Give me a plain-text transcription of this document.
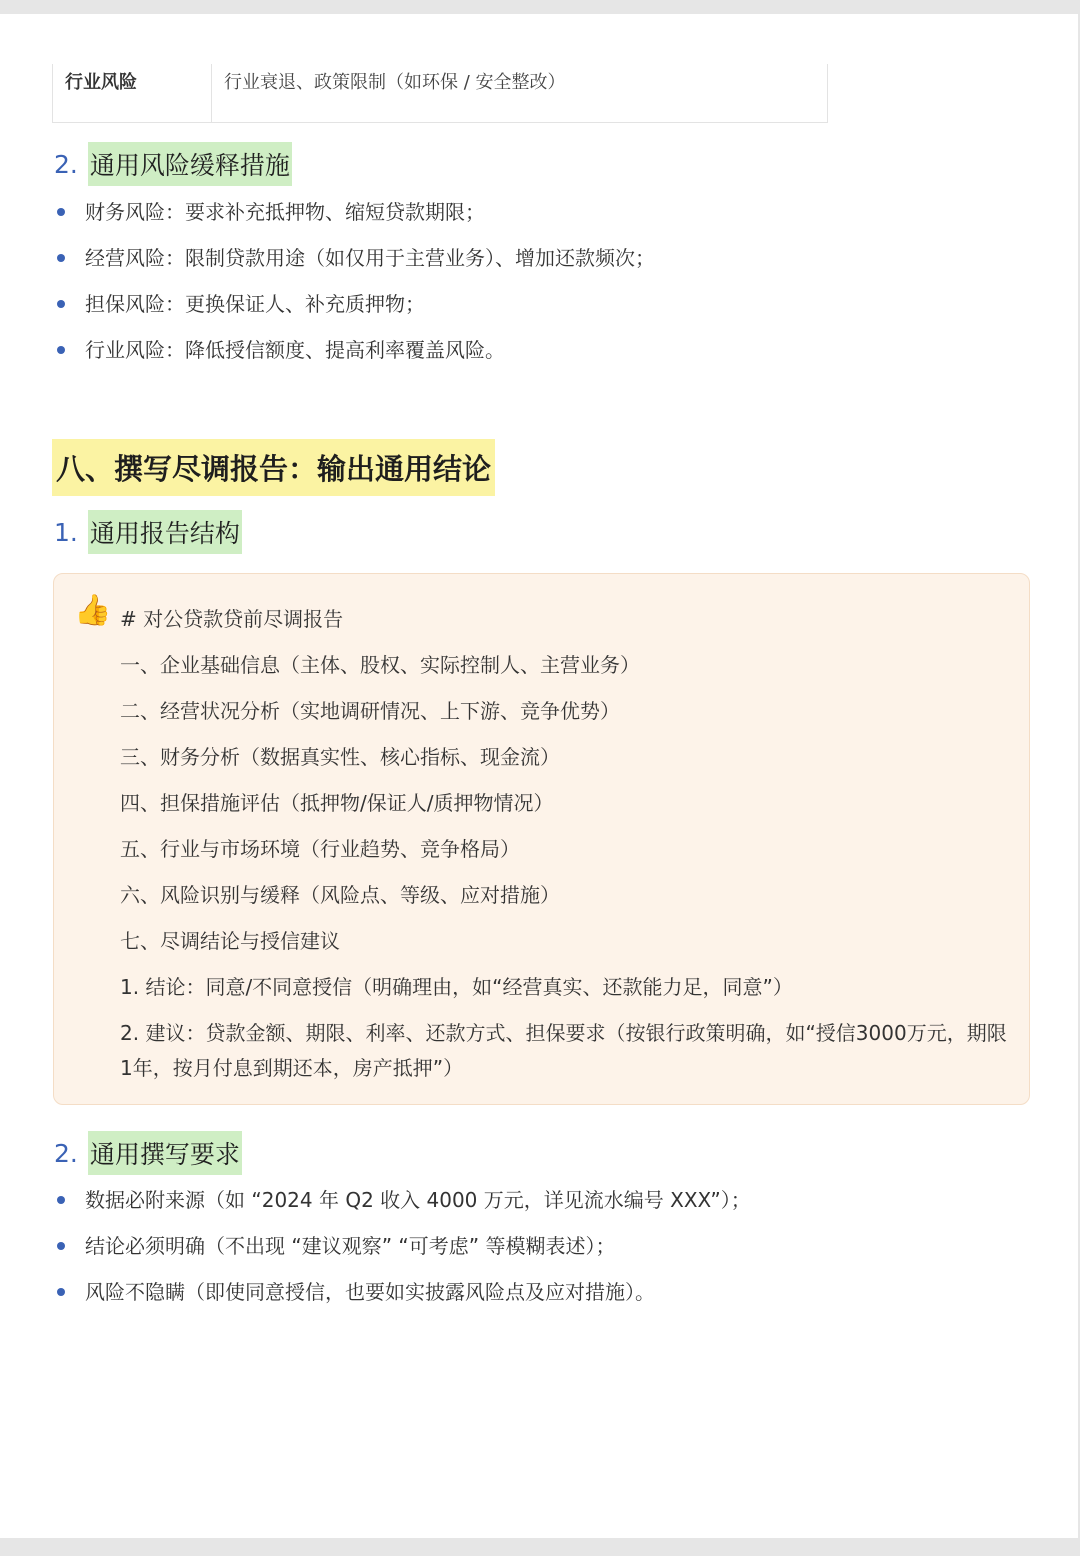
行业风险	行业衰退、政策限制（如环保 / 安全整改）
2. 通用风险缓释措施
财务风险：要求补充抵押物、缩短贷款期限；
经营风险：限制贷款用途（如仅用于主营业务）、增加还款频次；
担保风险：更换保证人、补充质押物；
行业风险：降低授信额度、提高利率覆盖风险。
八、撰写尽调报告：输出通用结论
1. 通用报告结构
👍 # 对公贷款贷前尽调报告
一、企业基础信息（主体、股权、实际控制人、主营业务）
二、经营状况分析（实地调研情况、上下游、竞争优势）
三、财务分析（数据真实性、核心指标、现金流）
四、担保措施评估（抵押物/保证人/质押物情况）
五、行业与市场环境（行业趋势、竞争格局）
六、风险识别与缓释（风险点、等级、应对措施）
七、尽调结论与授信建议
1. 结论：同意/不同意授信（明确理由，如“经营真实、还款能力足，同意”）
2. 建议：贷款金额、期限、利率、还款方式、担保要求（按银行政策明确，如“授信3000万元，期限1年，按月付息到期还本，房产抵押”）
2. 通用撰写要求
数据必附来源（如 “2024 年 Q2 收入 4000 万元，详见流水编号 XXX”）；
结论必须明确（不出现 “建议观察” “可考虑” 等模糊表述）；
风险不隐瞒（即使同意授信，也要如实披露风险点及应对措施）。
